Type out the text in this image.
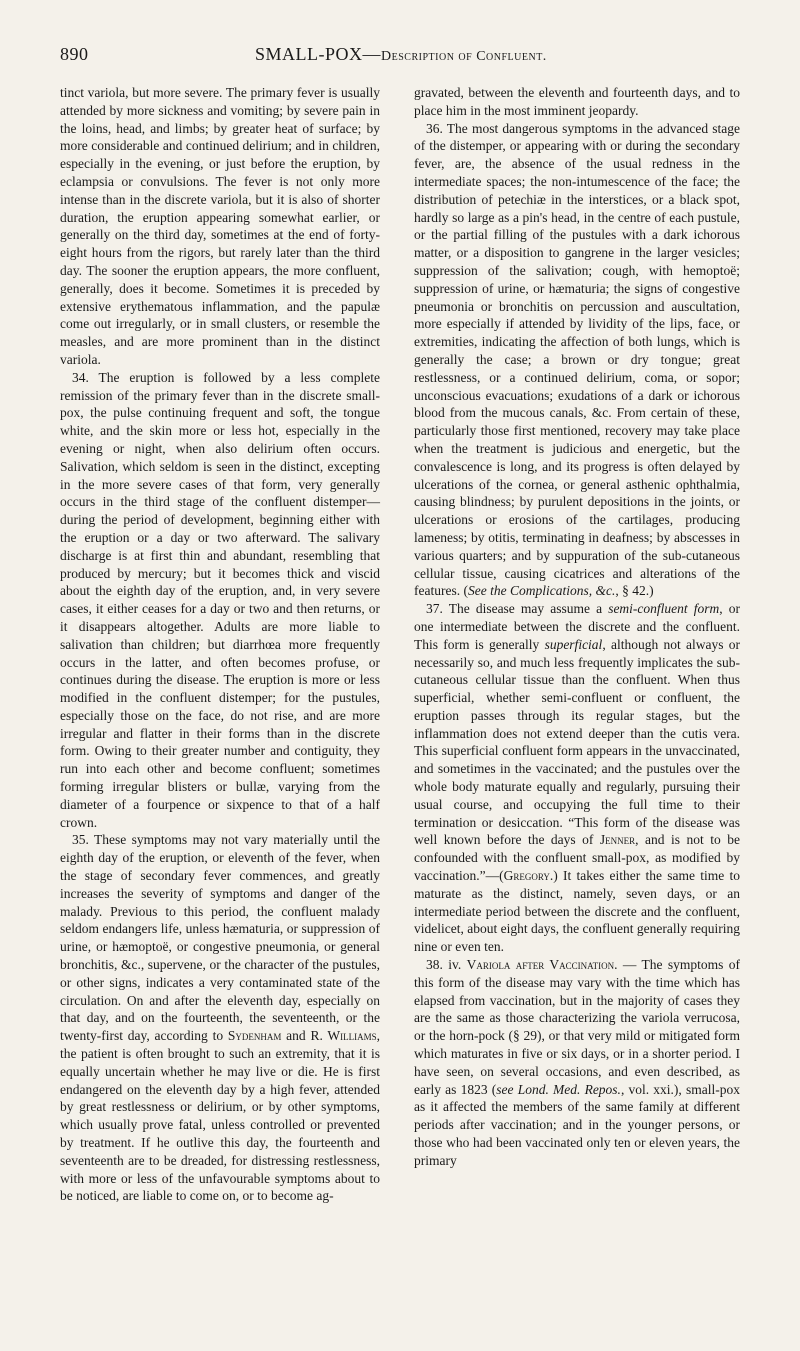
890	SMALL-POX—Description of Confluent.

tinct variola, but more severe. The primary fever is usually attended by more sickness and vomiting; by severe pain in the loins, head, and limbs; by greater heat of surface; by more considerable and continued delirium; and in children, especially in the evening, or just before the eruption, by eclampsia or convulsions. The fever is not only more intense than in the discrete variola, but it is also of shorter duration, the eruption appearing somewhat earlier, or generally on the third day, sometimes at the end of forty-eight hours from the rigors, but rarely later than the third day. The sooner the eruption appears, the more confluent, generally, does it become. Sometimes it is preceded by extensive erythematous inflammation, and the papulæ come out irregularly, or in small clusters, or resemble the measles, and are more prominent than in the distinct variola.

34. The eruption is followed by a less complete remission of the primary fever than in the discrete small-pox, the pulse continuing frequent and soft, the tongue white, and the skin more or less hot, especially in the evening or night, when also delirium often occurs. Salivation, which seldom is seen in the distinct, excepting in the more severe cases of that form, very generally occurs in the third stage of the confluent distemper—during the period of development, beginning either with the eruption or a day or two afterward. The salivary discharge is at first thin and abundant, resembling that produced by mercury; but it becomes thick and viscid about the eighth day of the eruption, and, in very severe cases, it either ceases for a day or two and then returns, or it disappears altogether. Adults are more liable to salivation than children; but diarrhœa more frequently occurs in the latter, and often becomes profuse, or continues during the disease. The eruption is more or less modified in the confluent distemper; for the pustules, especially those on the face, do not rise, and are more irregular and flatter in their forms than in the discrete form. Owing to their greater number and contiguity, they run into each other and become confluent; sometimes forming irregular blisters or bullæ, varying from the diameter of a fourpence or sixpence to that of a half crown.

35. These symptoms may not vary materially until the eighth day of the eruption, or eleventh of the fever, when the stage of secondary fever commences, and greatly increases the severity of symptoms and danger of the malady. Previous to this period, the confluent malady seldom endangers life, unless hæmaturia, or suppression of urine, or hæmoptoë, or congestive pneumonia, or general bronchitis, &c., supervene, or the character of the pustules, or other signs, indicates a very contaminated state of the circulation. On and after the eleventh day, especially on that day, and on the fourteenth, the seventeenth, or the twenty-first day, according to Sydenham and R. Williams, the patient is often brought to such an extremity, that it is equally uncertain whether he may live or die. He is first endangered on the eleventh day by a high fever, attended by great restlessness or delirium, or by other symptoms, which usually prove fatal, unless controlled or prevented by treatment. If he outlive this day, the fourteenth and seventeenth are to be dreaded, for distressing restlessness, with more or less of the unfavourable symptoms about to be noticed, are liable to come on, or to become ag-

gravated, between the eleventh and fourteenth days, and to place him in the most imminent jeopardy.

36. The most dangerous symptoms in the advanced stage of the distemper, or appearing with or during the secondary fever, are, the absence of the usual redness in the intermediate spaces; the non-intumescence of the face; the distribution of petechiæ in the interstices, or a black spot, hardly so large as a pin's head, in the centre of each pustule, or the partial filling of the pustules with a dark ichorous matter, or a disposition to gangrene in the larger vesicles; suppression of the salivation; cough, with hemoptoë; suppression of urine, or hæmaturia; the signs of congestive pneumonia or bronchitis on percussion and auscultation, more especially if attended by lividity of the lips, face, or extremities, indicating the affection of both lungs, which is generally the case; a brown or dry tongue; great restlessness, or a continued delirium, coma, or sopor; unconscious evacuations; exudations of a dark or ichorous blood from the mucous canals, &c. From certain of these, particularly those first mentioned, recovery may take place when the treatment is judicious and energetic, but the convalescence is long, and its progress is often delayed by ulcerations of the cornea, or general asthenic ophthalmia, causing blindness; by purulent depositions in the joints, or ulcerations or erosions of the cartilages, producing lameness; by otitis, terminating in deafness; by abscesses in various quarters; and by suppuration of the sub-cutaneous cellular tissue, causing cicatrices and alterations of the features. (See the Complications, &c., § 42.)

37. The disease may assume a semi-confluent form, or one intermediate between the discrete and the confluent. This form is generally superficial, although not always or necessarily so, and much less frequently implicates the sub-cutaneous cellular tissue than the confluent. When thus superficial, whether semi-confluent or confluent, the eruption passes through its regular stages, but the inflammation does not extend deeper than the cutis vera. This superficial confluent form appears in the unvaccinated, and sometimes in the vaccinated; and the pustules over the whole body maturate equally and regularly, pursuing their usual course, and occupying the full time to their termination or desiccation. “This form of the disease was well known before the days of Jenner, and is not to be confounded with the confluent small-pox, as modified by vaccination.”—(Gregory.) It takes either the same time to maturate as the distinct, namely, seven days, or an intermediate period between the discrete and the confluent, videlicet, about eight days, the confluent generally requiring nine or even ten.

38. iv. Variola after Vaccination. — The symptoms of this form of the disease may vary with the time which has elapsed from vaccination, but in the majority of cases they are the same as those characterizing the variola verrucosa, or the horn-pock (§ 29), or that very mild or mitigated form which maturates in five or six days, or in a shorter period. I have seen, on several occasions, and even described, as early as 1823 (see Lond. Med. Repos., vol. xxi.), small-pox as it affected the members of the same family at different periods after vaccination; and in the younger persons, or those who had been vaccinated only ten or eleven years, the primary
